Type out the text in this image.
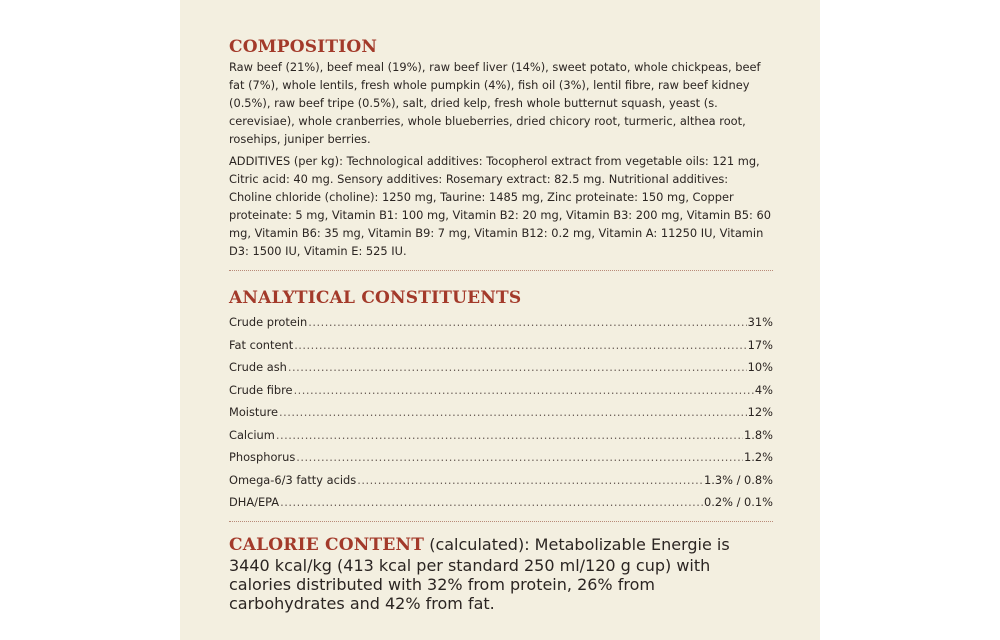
COMPOSITION

Raw beef (21%), beef meal (19%), raw beef liver (14%), sweet potato, whole chickpeas, beef fat (7%), whole lentils, fresh whole pumpkin (4%), fish oil (3%), lentil fibre, raw beef kidney (0.5%), raw beef tripe (0.5%), salt, dried kelp, fresh whole butternut squash, yeast (s. cerevisiae), whole cranberries, whole blueberries, dried chicory root, turmeric, althea root, rosehips, juniper berries.

ADDITIVES (per kg): Technological additives: Tocopherol extract from vegetable oils: 121 mg, Citric acid: 40 mg. Sensory additives: Rosemary extract: 82.5 mg. Nutritional additives: Choline chloride (choline): 1250 mg, Taurine: 1485 mg, Zinc proteinate: 150 mg, Copper proteinate: 5 mg, Vitamin B1: 100 mg, Vitamin B2: 20 mg, Vitamin B3: 200 mg, Vitamin B5: 60 mg, Vitamin B6: 35 mg, Vitamin B9: 7 mg, Vitamin B12: 0.2 mg, Vitamin A: 11250 IU, Vitamin D3: 1500 IU, Vitamin E: 525 IU.

ANALYTICAL CONSTITUENTS
Crude protein .....	31%
Fat content .....	17%
Crude ash .....	10%
Crude fibre .....	4%
Moisture .....	12%
Calcium .....	1.8%
Phosphorus .....	1.2%
Omega-6/3 fatty acids .....	1.3% / 0.8%
DHA/EPA .....	0.2% / 0.1%

CALORIE CONTENT (calculated): Metabolizable Energie is 3440 kcal/kg (413 kcal per standard 250 ml/120 g cup) with calories distributed with 32% from protein, 26% from carbohydrates and 42% from fat.
